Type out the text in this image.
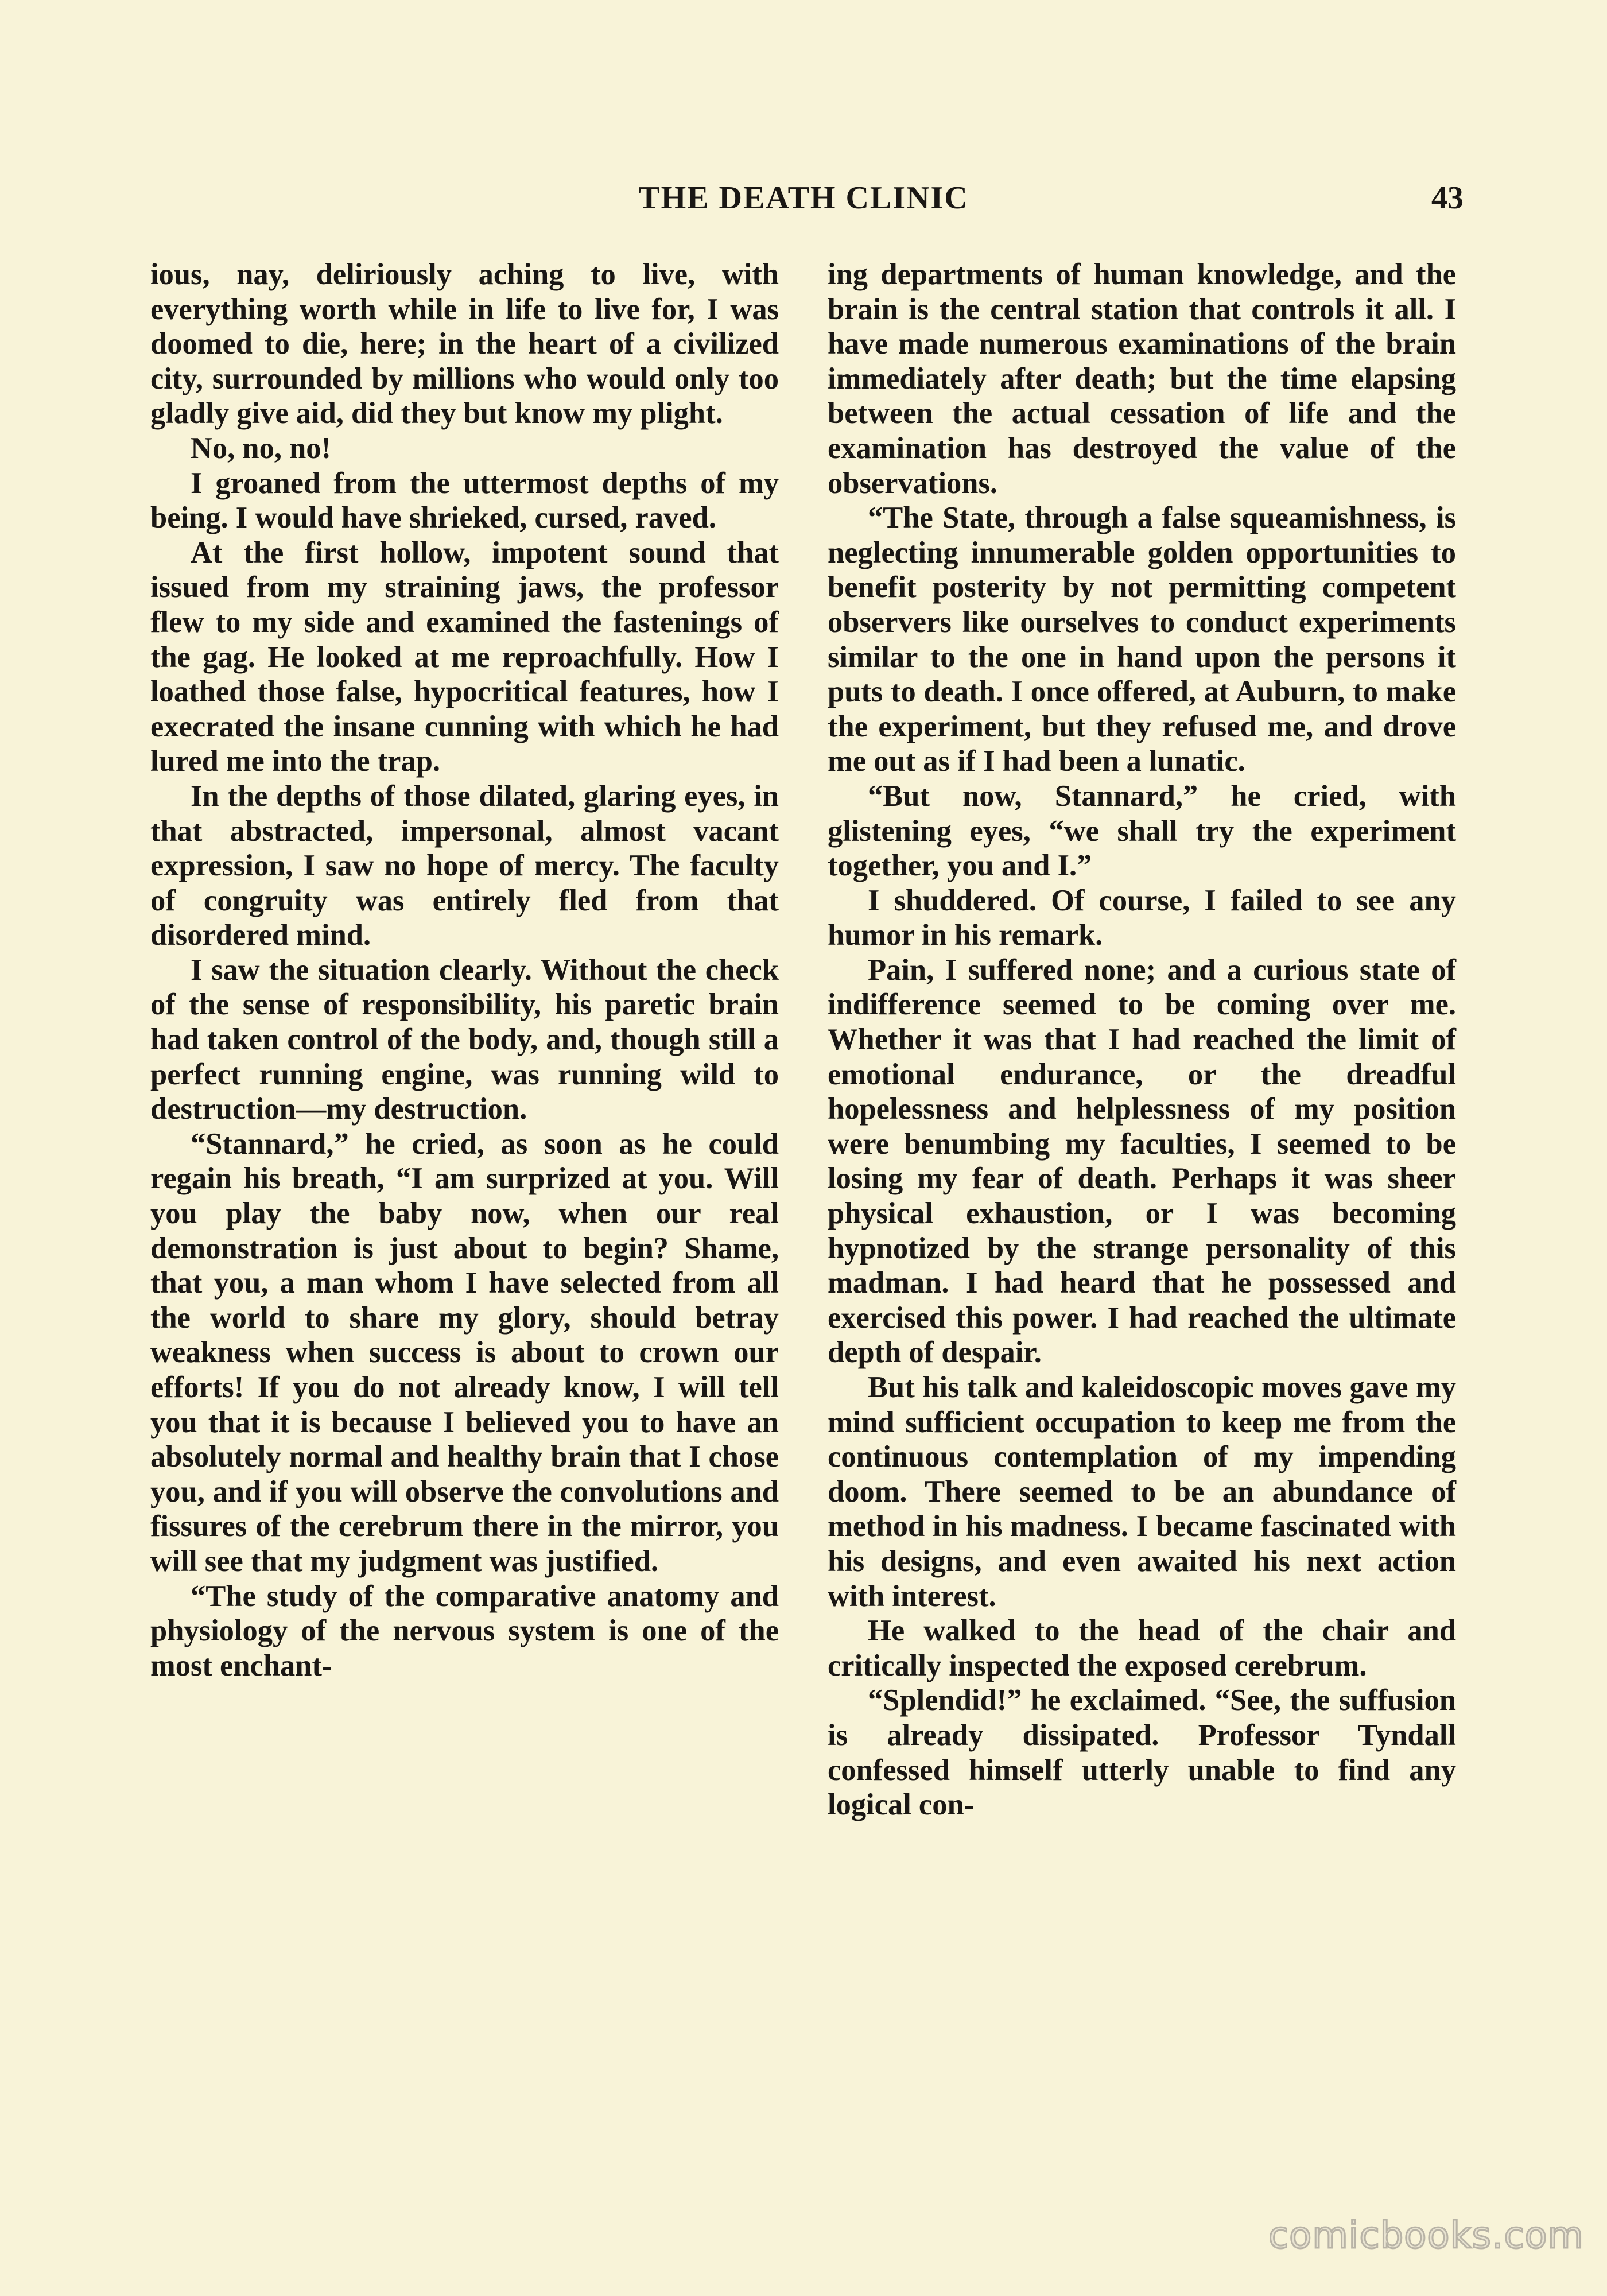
THE DEATH CLINIC	43

ious, nay, deliriously aching to live, with everything worth while in life to live for, I was doomed to die, here; in the heart of a civilized city, surrounded by millions who would only too gladly give aid, did they but know my plight.

No, no, no!

I groaned from the uttermost depths of my being. I would have shrieked, cursed, raved.

At the first hollow, impotent sound that issued from my straining jaws, the professor flew to my side and examined the fastenings of the gag. He looked at me reproachfully. How I loathed those false, hypocritical features, how I execrated the insane cunning with which he had lured me into the trap.

In the depths of those dilated, glaring eyes, in that abstracted, impersonal, almost vacant expression, I saw no hope of mercy. The faculty of congruity was entirely fled from that disordered mind.

I saw the situation clearly. Without the check of the sense of responsibility, his paretic brain had taken control of the body, and, though still a perfect running engine, was running wild to destruction—my destruction.

“Stannard,” he cried, as soon as he could regain his breath, “I am surprized at you. Will you play the baby now, when our real demonstration is just about to begin? Shame, that you, a man whom I have selected from all the world to share my glory, should betray weakness when success is about to crown our efforts! If you do not already know, I will tell you that it is because I believed you to have an absolutely normal and healthy brain that I chose you, and if you will observe the convolutions and fissures of the cerebrum there in the mirror, you will see that my judgment was justified.

“The study of the comparative anatomy and physiology of the nervous system is one of the most enchant-

ing departments of human knowledge, and the brain is the central station that controls it all. I have made numerous examinations of the brain immediately after death; but the time elapsing between the actual cessation of life and the examination has destroyed the value of the observations.

“The State, through a false squeamishness, is neglecting innumerable golden opportunities to benefit posterity by not permitting competent observers like ourselves to conduct experiments similar to the one in hand upon the persons it puts to death. I once offered, at Auburn, to make the experiment, but they refused me, and drove me out as if I had been a lunatic.

“But now, Stannard,” he cried, with glistening eyes, “we shall try the experiment together, you and I.”

I shuddered. Of course, I failed to see any humor in his remark.

Pain, I suffered none; and a curious state of indifference seemed to be coming over me. Whether it was that I had reached the limit of emotional endurance, or the dreadful hopelessness and helplessness of my position were benumbing my faculties, I seemed to be losing my fear of death. Perhaps it was sheer physical exhaustion, or I was becoming hypnotized by the strange personality of this madman. I had heard that he possessed and exercised this power. I had reached the ultimate depth of despair.

But his talk and kaleidoscopic moves gave my mind sufficient occupation to keep me from the continuous contemplation of my impending doom. There seemed to be an abundance of method in his madness. I became fascinated with his designs, and even awaited his next action with interest.

He walked to the head of the chair and critically inspected the exposed cerebrum.

“Splendid!” he exclaimed. “See, the suffusion is already dissipated. Professor Tyndall confessed himself utterly unable to find any logical con-

comicbooks.com
